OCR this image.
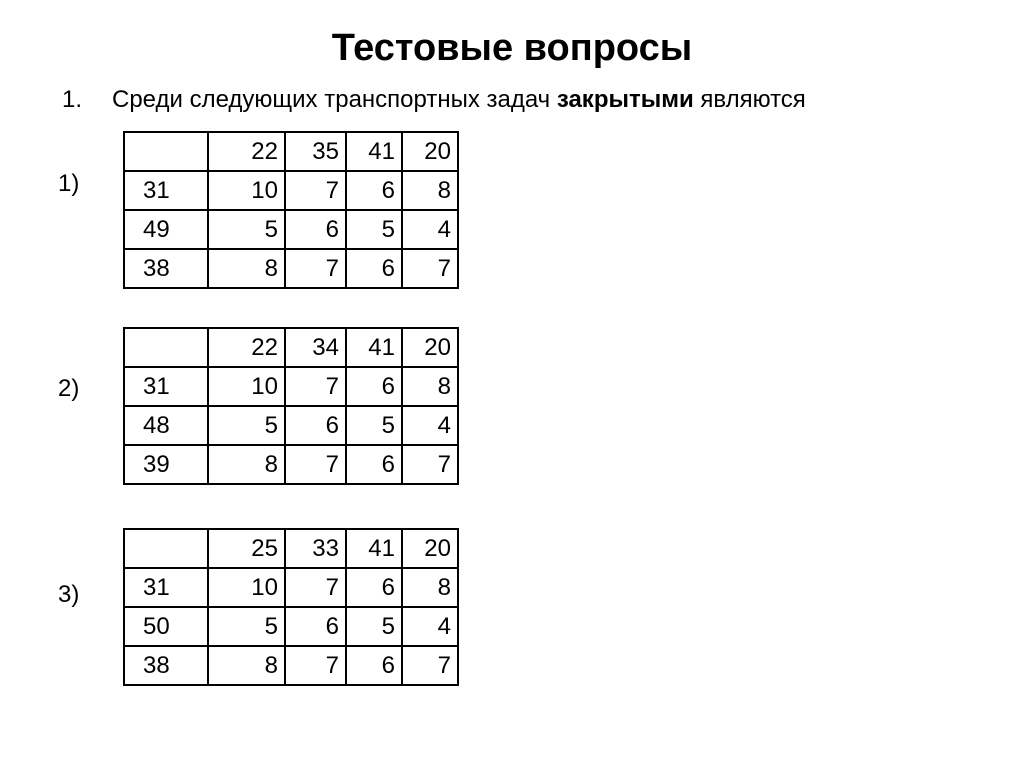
Тестовые вопросы
1. Среди следующих транспортных задач закрытыми являются
1)
	22	35	41	20
31	10	7	6	8
49	5	6	5	4
38	8	7	6	7
2)
	22	34	41	20
31	10	7	6	8
48	5	6	5	4
39	8	7	6	7
3)
	25	33	41	20
31	10	7	6	8
50	5	6	5	4
38	8	7	6	7
